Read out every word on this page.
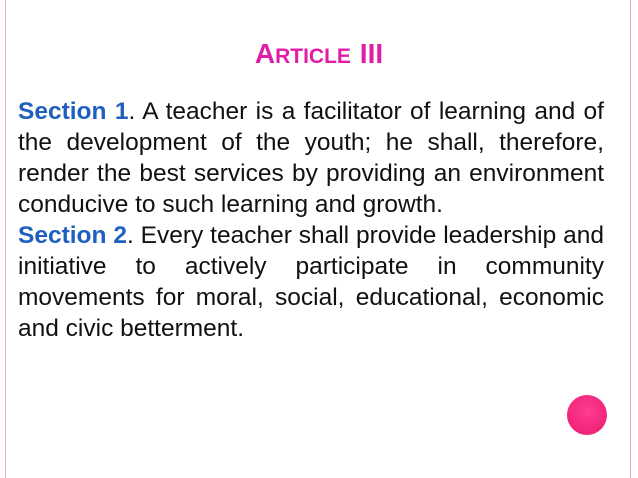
ARTICLE III

Section 1. A teacher is a facilitator of learning and of the development of the youth; he shall, therefore, render the best services by providing an environment conducive to such learning and growth.

Section 2. Every teacher shall provide leadership and initiative to actively participate in community movements for moral, social, educational, economic and civic betterment.
